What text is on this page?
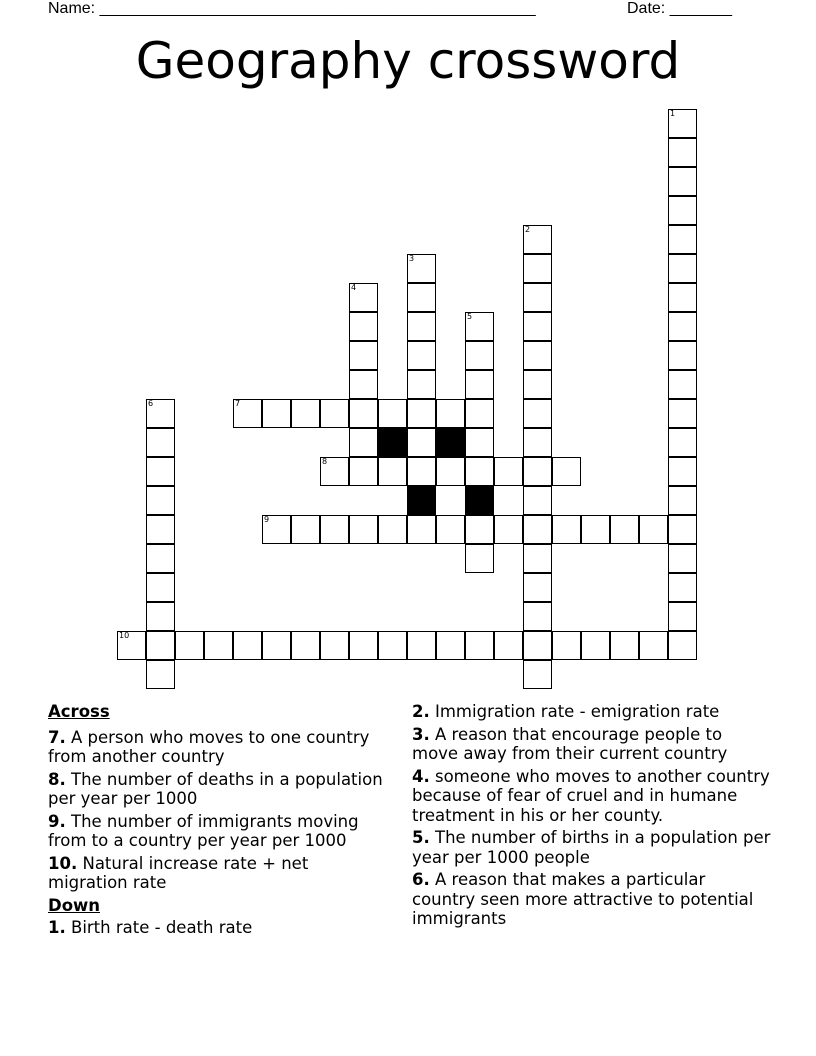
Name: _________________________________________________	Date: _______
Geography crossword
1
2
3
4
5
6	7
8
9
10
Across
7. A person who moves to one country from another country
8. The number of deaths in a population per year per 1000
9. The number of immigrants moving from to a country per year per 1000
10. Natural increase rate + net migration rate
Down
1. Birth rate - death rate
2. Immigration rate - emigration rate
3. A reason that encourage people to move away from their current country
4. someone who moves to another country because of fear of cruel and in humane treatment in his or her county.
5. The number of births in a population per year per 1000 people
6. A reason that makes a particular country seen more attractive to potential immigrants
